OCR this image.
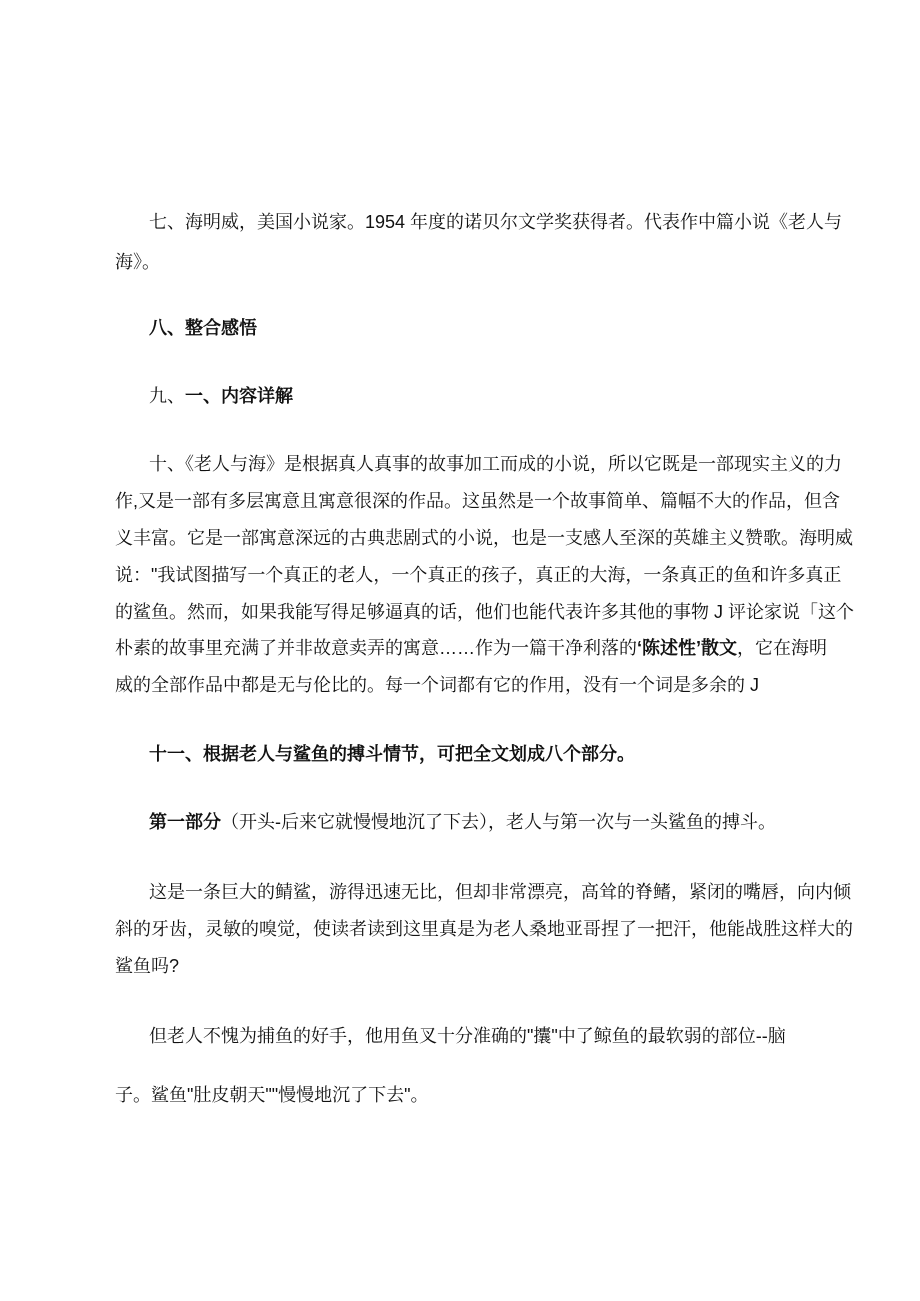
七、海明威，美国小说家。1954 年度的诺贝尔文学奖获得者。代表作中篇小说《老人与
海》。
八、整合感悟
九、一、内容详解
十、《老人与海》是根据真人真事的故事加工而成的小说，所以它既是一部现实主义的力
作,又是一部有多层寓意且寓意很深的作品。这虽然是一个故事简单、篇幅不大的作品，但含
义丰富。它是一部寓意深远的古典悲剧式的小说，也是一支感人至深的英雄主义赞歌。海明威
说："我试图描写一个真正的老人，一个真正的孩子，真正的大海，一条真正的鱼和许多真正
的鲨鱼。然而，如果我能写得足够逼真的话，他们也能代表许多其他的事物 J 评论家说「这个
朴素的故事里充满了并非故意卖弄的寓意……作为一篇干净利落的‘陈述性’散文，它在海明
威的全部作品中都是无与伦比的。每一个词都有它的作用，没有一个词是多余的 J
十一、根据老人与鲨鱼的搏斗情节，可把全文划成八个部分。
第一部分（开头-后来它就慢慢地沉了下去），老人与第一次与一头鲨鱼的搏斗。
这是一条巨大的鲭鲨，游得迅速无比，但却非常漂亮，高耸的脊鳍，紧闭的嘴唇，向内倾
斜的牙齿，灵敏的嗅觉，使读者读到这里真是为老人桑地亚哥捏了一把汗，他能战胜这样大的
鲨鱼吗?
但老人不愧为捕鱼的好手，他用鱼叉十分准确的"攮"中了鲸鱼的最软弱的部位--脑
子。鲨鱼"肚皮朝天""慢慢地沉了下去"。
